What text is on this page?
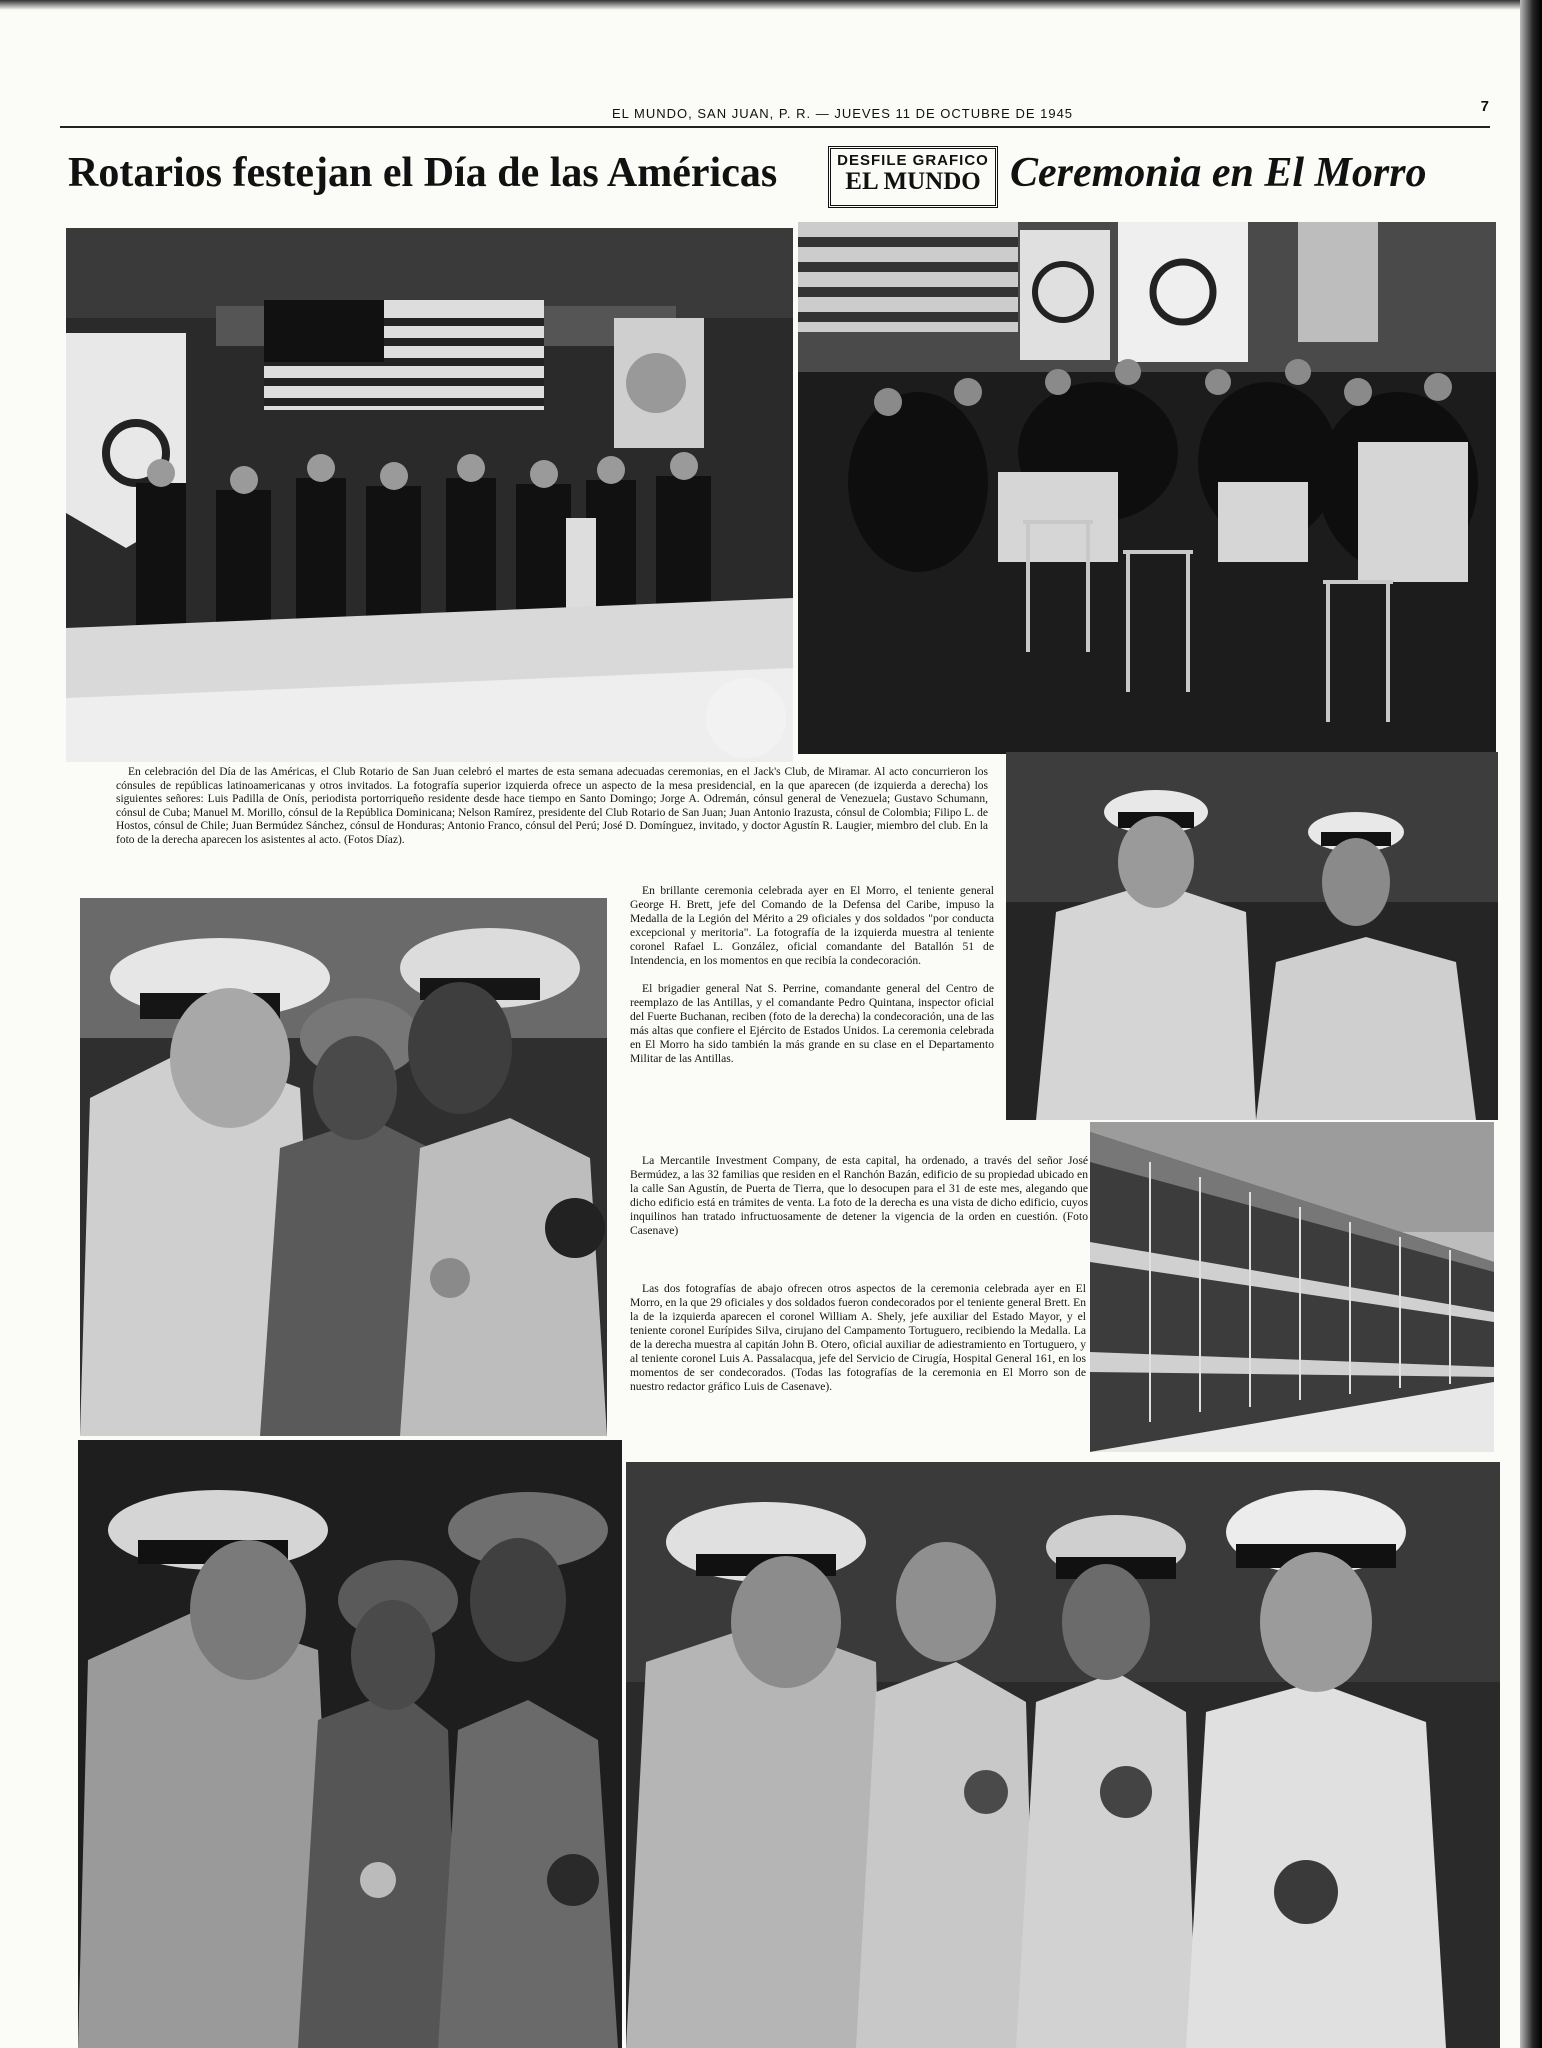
EL MUNDO, SAN JUAN, P. R. — JUEVES 11 DE OCTUBRE DE 1945	7
Rotarios festejan el Día de las Américas	DESFILE GRAFICO
EL MUNDO Ceremonia en El Morro

En celebración del Día de las Américas, el Club Rotario de San Juan celebró el martes de esta semana adecuadas ceremonias, en el Jack's Club, de Miramar. Al acto concurrieron los cónsules de repúblicas latinoamericanas y otros invitados. La fotografía superior izquierda ofrece un aspecto de la mesa presidencial, en la que aparecen (de izquierda a derecha) los siguientes señores: Luis Padilla de Onís, periodista portorriqueño residente desde hace tiempo en Santo Domingo; Jorge A. Odremán, cónsul general de Venezuela; Gustavo Schumann, cónsul de Cuba; Manuel M. Morillo, cónsul de la República Dominicana; Nelson Ramírez, presidente del Club Rotario de San Juan; Juan Antonio Irazusta, cónsul de Colombia; Filipo L. de Hostos, cónsul de Chile; Juan Bermúdez Sánchez, cónsul de Honduras; Antonio Franco, cónsul del Perú; José D. Domínguez, invitado, y doctor Agustín R. Laugier, miembro del club. En la foto de la derecha aparecen los asistentes al acto. (Fotos Díaz).

En brillante ceremonia celebrada ayer en El Morro, el teniente general George H. Brett, jefe del Comando de la Defensa del Caribe, impuso la Medalla de la Legión del Mérito a 29 oficiales y dos soldados "por conducta excepcional y meritoria". La fotografía de la izquierda muestra al teniente coronel Rafael L. González, oficial comandante del Batallón 51 de Intendencia, en los momentos en que recibía la condecoración.

El brigadier general Nat S. Perrine, comandante general del Centro de reemplazo de las Antillas, y el comandante Pedro Quintana, inspector oficial del Fuerte Buchanan, reciben (foto de la derecha) la condecoración, una de las más altas que confiere el Ejército de Estados Unidos. La ceremonia celebrada en El Morro ha sido también la más grande en su clase en el Departamento Militar de las Antillas.

La Mercantile Investment Company, de esta capital, ha ordenado, a través del señor José Bermúdez, a las 32 familias que residen en el Ranchón Bazán, edificio de su propiedad ubicado en la calle San Agustín, de Puerta de Tierra, que lo desocupen para el 31 de este mes, alegando que dicho edificio está en trámites de venta. La foto de la derecha es una vista de dicho edificio, cuyos inquilinos han tratado infructuosamente de detener la vigencia de la orden en cuestión. (Foto Casenave)

Las dos fotografías de abajo ofrecen otros aspectos de la ceremonia celebrada ayer en El Morro, en la que 29 oficiales y dos soldados fueron condecorados por el teniente general Brett. En la de la izquierda aparecen el coronel William A. Shely, jefe auxiliar del Estado Mayor, y el teniente coronel Eurípides Silva, cirujano del Campamento Tortuguero, recibiendo la Medalla. La de la derecha muestra al capitán John B. Otero, oficial auxiliar de adiestramiento en Tortuguero, y al teniente coronel Luis A. Passalacqua, jefe del Servicio de Cirugía, Hospital General 161, en los momentos de ser condecorados. (Todas las fotografías de la ceremonia en El Morro son de nuestro redactor gráfico Luis de Casenave).
